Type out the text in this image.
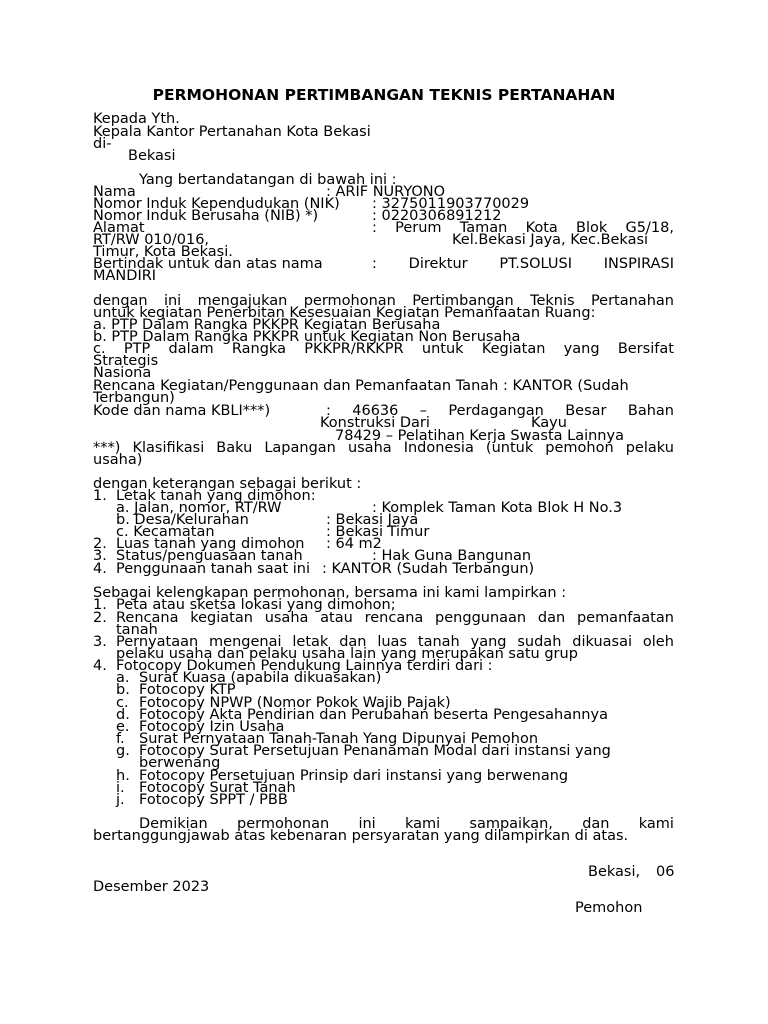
PERMOHONAN PERTIMBANGAN TEKNIS PERTANAHAN
Kepada Yth.
Kepala Kantor Pertanahan Kota Bekasi
di-
Bekasi
Yang bertandatangan di bawah ini :
Nama	: ARIF NURYONO
Nomor Induk Kependudukan (NIK) : 3275011903770029
Nomor Induk Berusaha (NIB) *)	: 0220306891212
Alamat	: Perum Taman Kota Blok G5/18,
RT/RW 010/016,	Kel.Bekasi Jaya, Kec.Bekasi
Timur, Kota Bekasi.
Bertindak untuk dan atas nama	: Direktur PT.SOLUSI INSPIRASI
MANDIRI
dengan ini mengajukan permohonan Pertimbangan Teknis Pertanahan
untuk kegiatan Penerbitan Kesesuaian Kegiatan Pemanfaatan Ruang:
a. PTP Dalam Rangka PKKPR Kegiatan Berusaha
b. PTP Dalam Rangka PKKPR untuk Kegiatan Non Berusaha
c. PTP dalam Rangka PKKPR/RKKPR untuk Kegiatan yang Bersifat
Strategis
Nasiona
Rencana Kegiatan/Penggunaan dan Pemanfaatan Tanah : KANTOR (Sudah
Terbangun)
Kode dan nama KBLI***)	: 46636 – Perdagangan Besar Bahan
Konstruksi Dari	Kayu
78429 – Pelatihan Kerja Swasta Lainnya
***) Klasifikasi Baku Lapangan usaha Indonesia (untuk pemohon pelaku
usaha)
dengan keterangan sebagai berikut :
1. Letak tanah yang dimohon:
a. Jalan, nomor, RT/RW	: Komplek Taman Kota Blok H No.3
b. Desa/Kelurahan	: Bekasi Jaya
c. Kecamatan	: Bekasi Timur
2. Luas tanah yang dimohon : 64 m2
3. Status/penguasaan tanah	: Hak Guna Bangunan
4. Penggunaan tanah saat ini : KANTOR (Sudah Terbangun)
Sebagai kelengkapan permohonan, bersama ini kami lampirkan :
1. Peta atau sketsa lokasi yang dimohon;
2. Rencana kegiatan usaha atau rencana penggunaan dan pemanfaatan
tanah
3. Pernyataan mengenai letak dan luas tanah yang sudah dikuasai oleh
pelaku usaha dan pelaku usaha lain yang merupakan satu grup
4. Fotocopy Dokumen Pendukung Lainnya terdiri dari :
a. Surat Kuasa (apabila dikuasakan)
b. Fotocopy KTP
c. Fotocopy NPWP (Nomor Pokok Wajib Pajak)
d. Fotocopy Akta Pendirian dan Perubahan beserta Pengesahannya
e. Fotocopy Izin Usaha
f. Surat Pernyataan Tanah-Tanah Yang Dipunyai Pemohon
g. Fotocopy Surat Persetujuan Penanaman Modal dari instansi yang
berwenang
h. Fotocopy Persetujuan Prinsip dari instansi yang berwenang
i. Fotocopy Surat Tanah
j. Fotocopy SPPT / PBB
Demikian permohonan ini kami sampaikan, dan kami
bertanggungjawab atas kebenaran persyaratan yang dilampirkan di atas.
Bekasi, 06
Desember 2023
Pemohon
